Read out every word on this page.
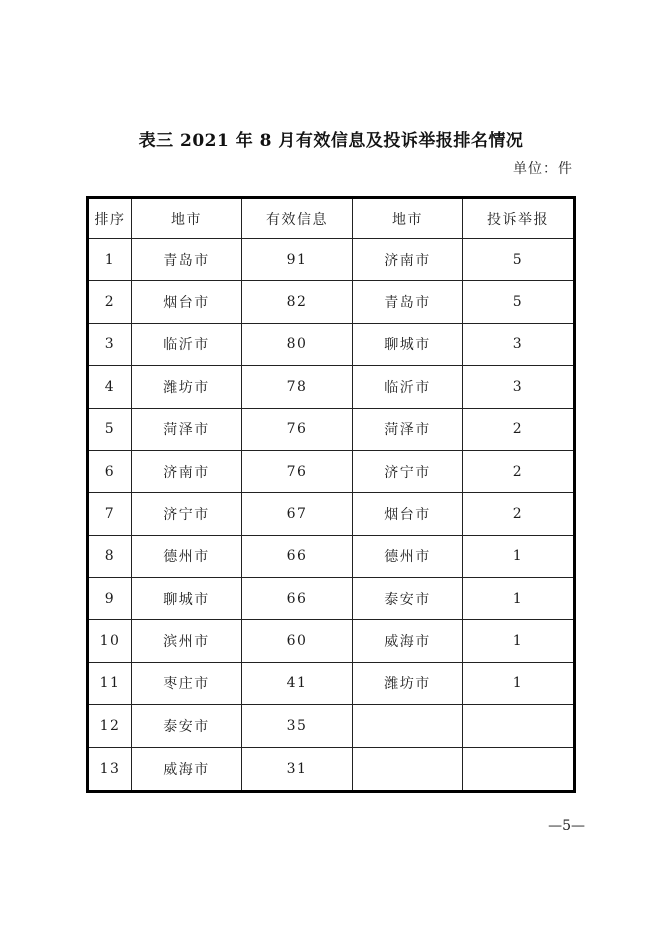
表三 2021 年 8 月有效信息及投诉举报排名情况
单位：件
排序	地市	有效信息	地市	投诉举报
1	青岛市	91	济南市	5
2	烟台市	82	青岛市	5
3	临沂市	80	聊城市	3
4	潍坊市	78	临沂市	3
5	菏泽市	76	菏泽市	2
6	济南市	76	济宁市	2
7	济宁市	67	烟台市	2
8	德州市	66	德州市	1
9	聊城市	66	泰安市	1
10	滨州市	60	威海市	1
11	枣庄市	41	潍坊市	1
12	泰安市	35		
13	威海市	31		
—5—
